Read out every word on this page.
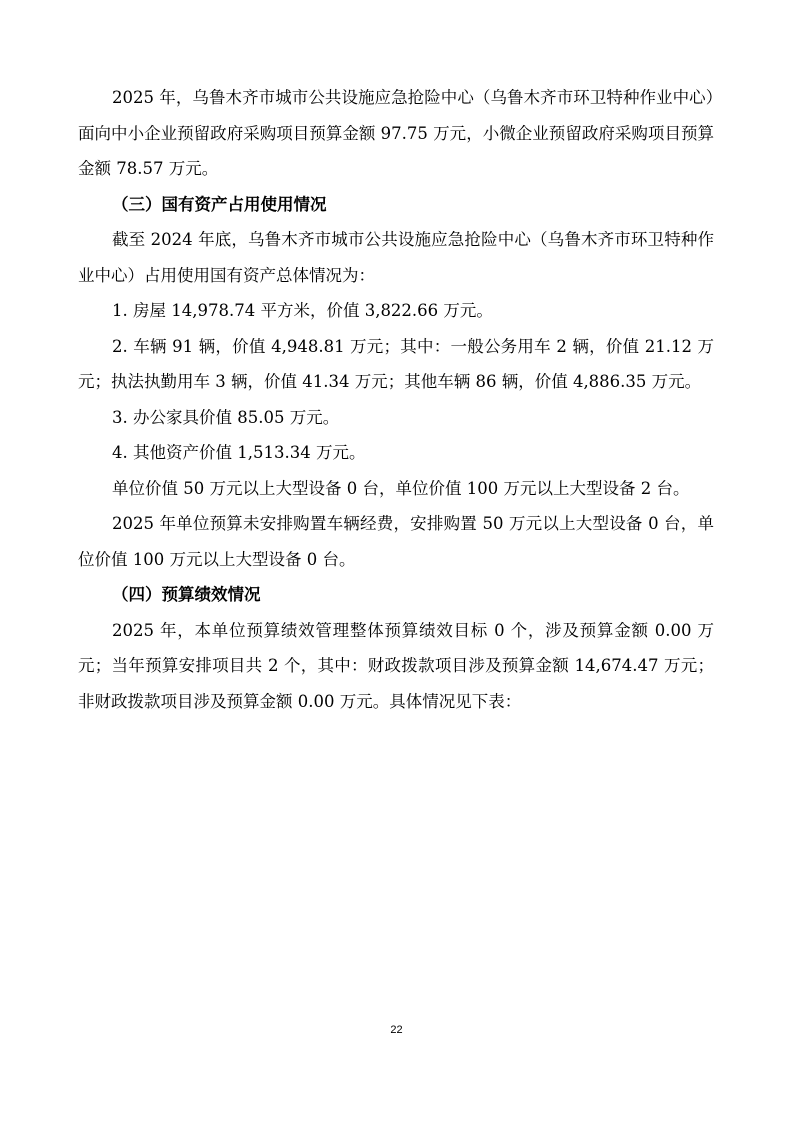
2025 年，乌鲁木齐市城市公共设施应急抢险中心（乌鲁木齐市环卫特种作业中心）面向中小企业预留政府采购项目预算金额 97.75 万元，小微企业预留政府采购项目预算金额 78.57 万元。

（三）国有资产占用使用情况

截至 2024 年底，乌鲁木齐市城市公共设施应急抢险中心（乌鲁木齐市环卫特种作业中心）占用使用国有资产总体情况为：

1. 房屋 14,978.74 平方米，价值 3,822.66 万元。

2. 车辆 91 辆，价值 4,948.81 万元；其中：一般公务用车 2 辆，价值 21.12 万元；执法执勤用车 3 辆，价值 41.34 万元；其他车辆 86 辆，价值 4,886.35 万元。

3. 办公家具价值 85.05 万元。

4. 其他资产价值 1,513.34 万元。

单位价值 50 万元以上大型设备 0 台，单位价值 100 万元以上大型设备 2 台。

2025 年单位预算未安排购置车辆经费，安排购置 50 万元以上大型设备 0 台，单位价值 100 万元以上大型设备 0 台。

（四）预算绩效情况

2025 年，本单位预算绩效管理整体预算绩效目标 0 个，涉及预算金额 0.00 万元；当年预算安排项目共 2 个，其中：财政拨款项目涉及预算金额 14,674.47 万元；非财政拨款项目涉及预算金额 0.00 万元。具体情况见下表：

22
